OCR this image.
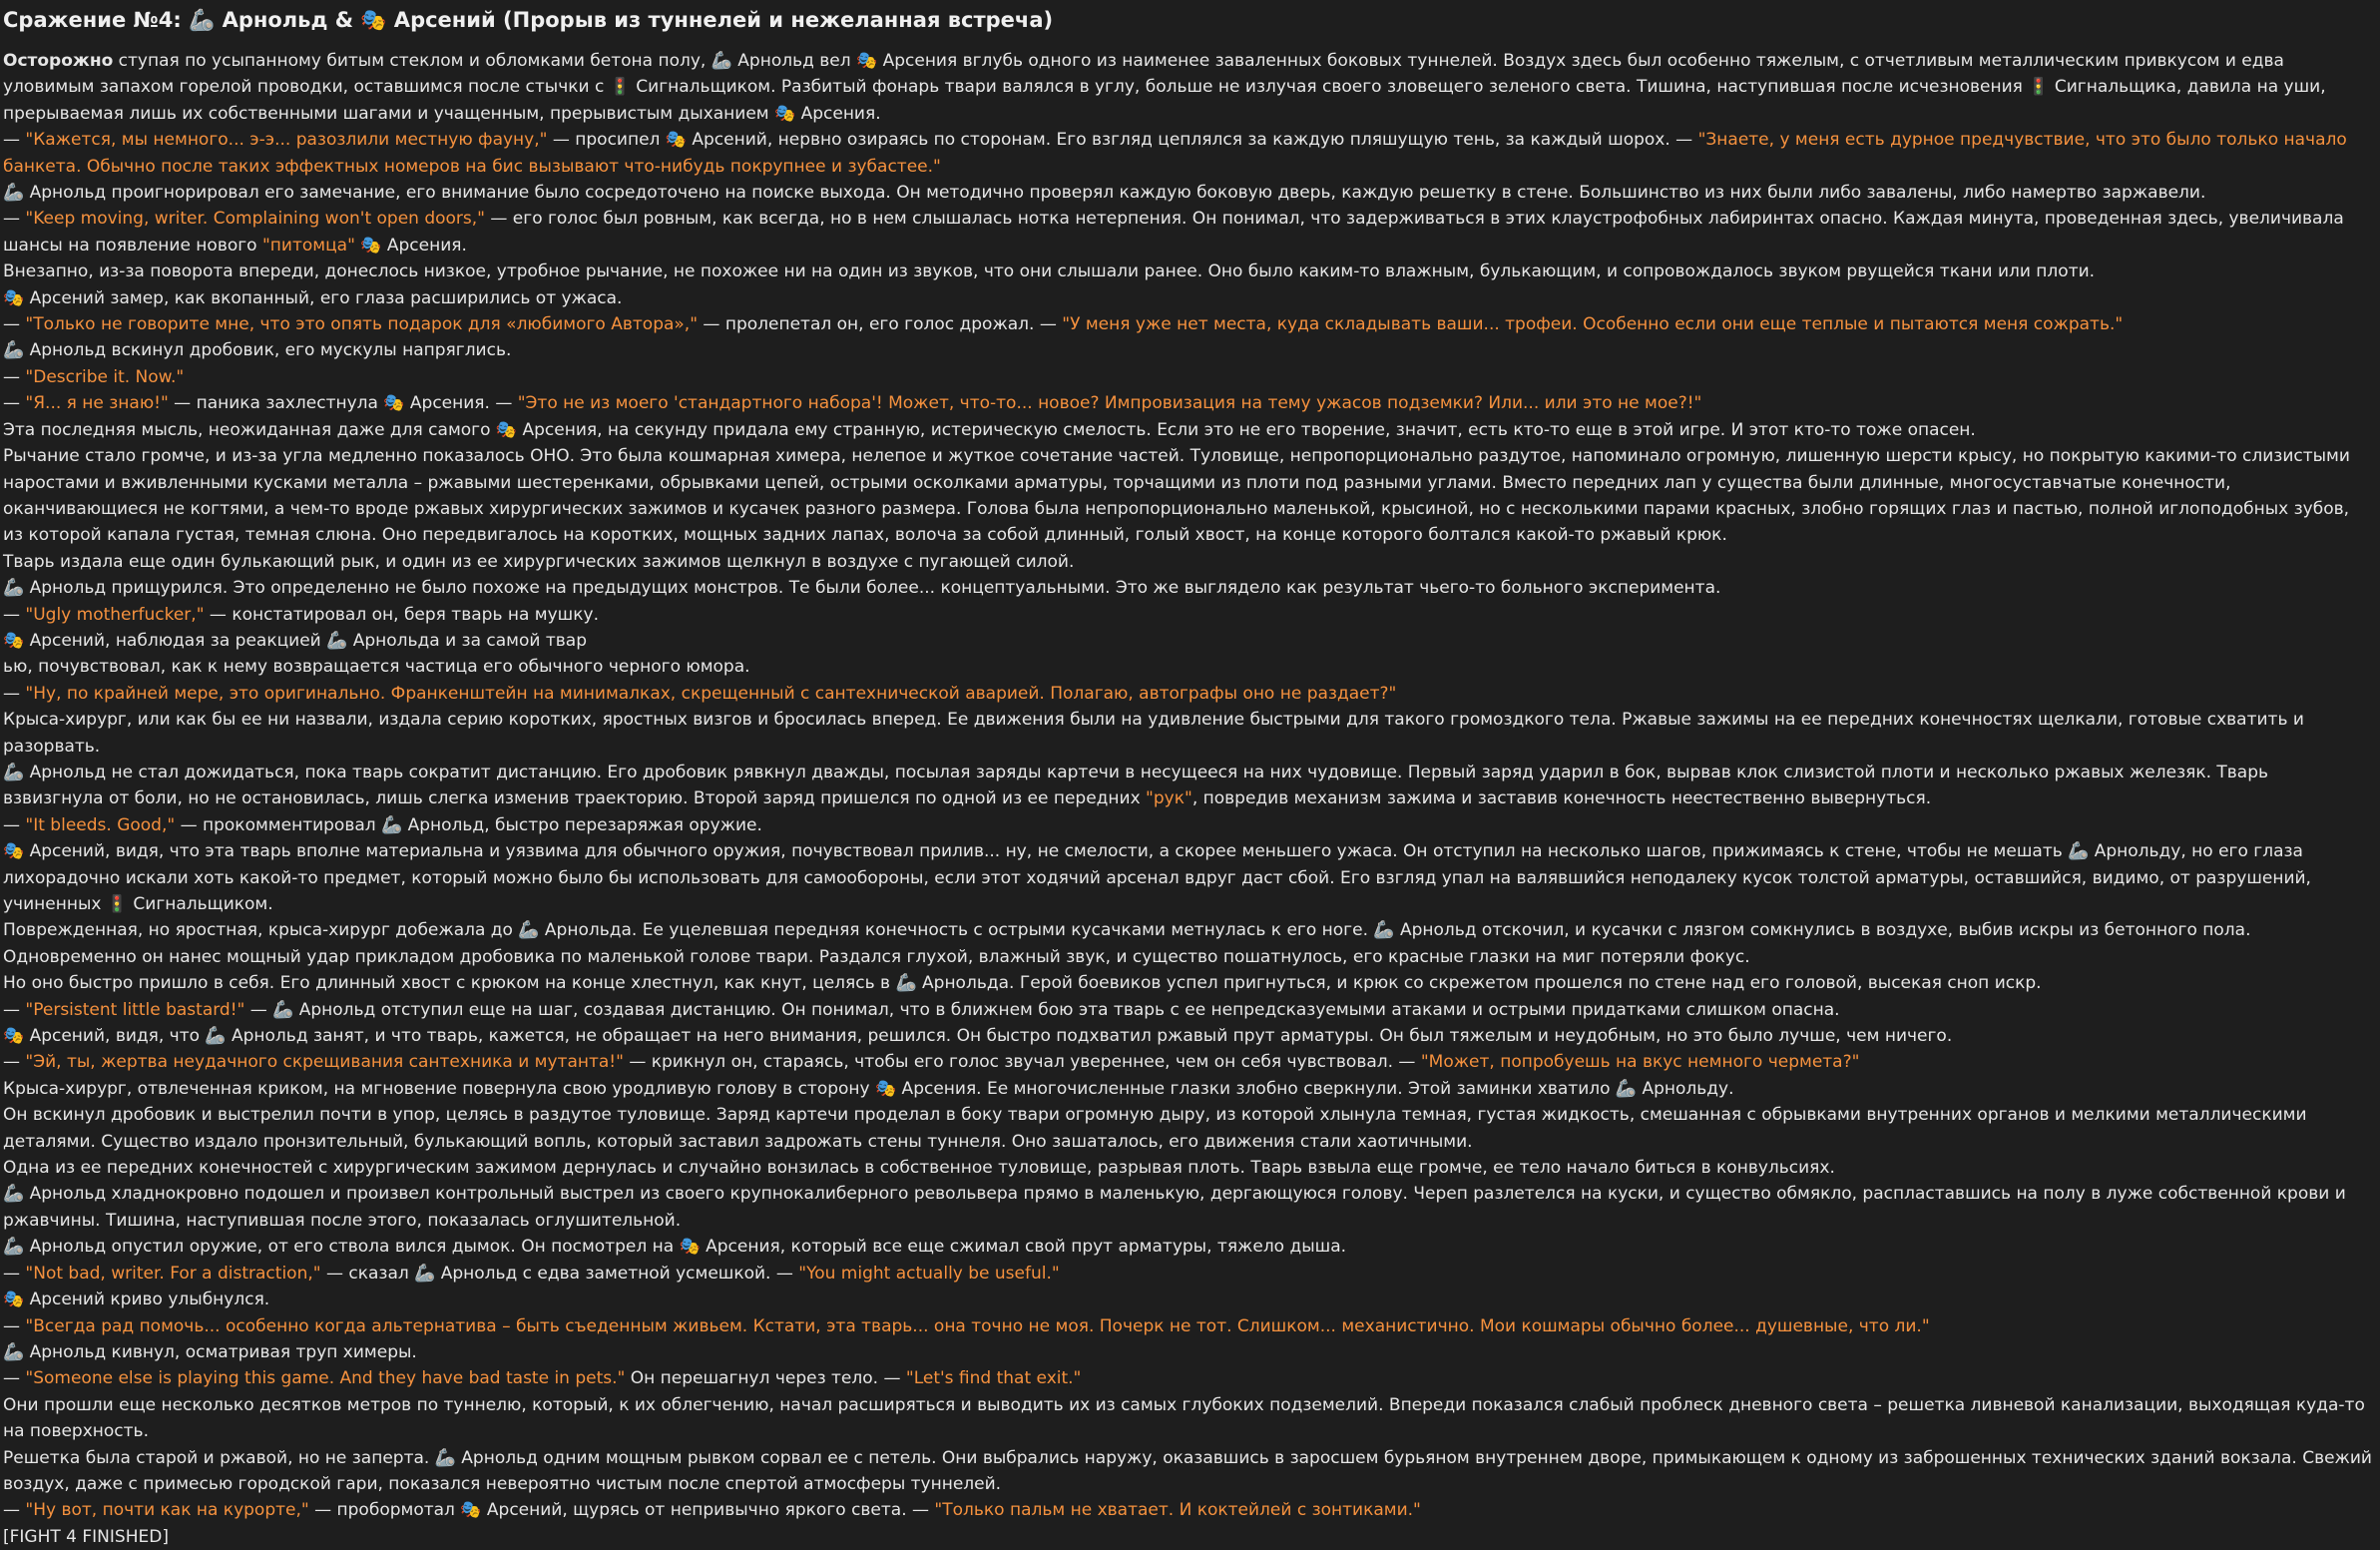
Сражение №4: 🦾 Арнольд & 🎭 Арсений (Прорыв из туннелей и нежеланная встреча)
Осторожно ступая по усыпанному битым стеклом и обломками бетона полу, 🦾 Арнольд вел 🎭 Арсения вглубь одного из наименее заваленных боковых туннелей. Воздух здесь был особенно тяжелым, с отчетливым металлическим привкусом и едва уловимым запахом горелой проводки, оставшимся после стычки с 🚦 Сигнальщиком. Разбитый фонарь твари валялся в углу, больше не излучая своего зловещего зеленого света. Тишина, наступившая после исчезновения 🚦 Сигнальщика, давила на уши, прерываемая лишь их собственными шагами и учащенным, прерывистым дыханием 🎭 Арсения.
— "Кажется, мы немного... э-э... разозлили местную фауну," — просипел 🎭 Арсений, нервно озираясь по сторонам. Его взгляд цеплялся за каждую пляшущую тень, за каждый шорох. — "Знаете, у меня есть дурное предчувствие, что это было только начало банкета. Обычно после таких эффектных номеров на бис вызывают что-нибудь покрупнее и зубастее."
🦾 Арнольд проигнорировал его замечание, его внимание было сосредоточено на поиске выхода. Он методично проверял каждую боковую дверь, каждую решетку в стене. Большинство из них были либо завалены, либо намертво заржавели.
— "Keep moving, writer. Complaining won't open doors," — его голос был ровным, как всегда, но в нем слышалась нотка нетерпения. Он понимал, что задерживаться в этих клаустрофобных лабиринтах опасно. Каждая минута, проведенная здесь, увеличивала шансы на появление нового "питомца" 🎭 Арсения.
Внезапно, из-за поворота впереди, донеслось низкое, утробное рычание, не похожее ни на один из звуков, что они слышали ранее. Оно было каким-то влажным, булькающим, и сопровождалось звуком рвущейся ткани или плоти.
🎭 Арсений замер, как вкопанный, его глаза расширились от ужаса.
— "Только не говорите мне, что это опять подарок для «любимого Автора»," — пролепетал он, его голос дрожал. — "У меня уже нет места, куда складывать ваши... трофеи. Особенно если они еще теплые и пытаются меня сожрать."
🦾 Арнольд вскинул дробовик, его мускулы напряглись.
— "Describe it. Now."
— "Я... я не знаю!" — паника захлестнула 🎭 Арсения. — "Это не из моего 'стандартного набора'! Может, что-то... новое? Импровизация на тему ужасов подземки? Или... или это не мое?!"
Эта последняя мысль, неожиданная даже для самого 🎭 Арсения, на секунду придала ему странную, истерическую смелость. Если это не его творение, значит, есть кто-то еще в этой игре. И этот кто-то тоже опасен.
Рычание стало громче, и из-за угла медленно показалось ОНО. Это была кошмарная химера, нелепое и жуткое сочетание частей. Туловище, непропорционально раздутое, напоминало огромную, лишенную шерсти крысу, но покрытую какими-то слизистыми наростами и вживленными кусками металла – ржавыми шестеренками, обрывками цепей, острыми осколками арматуры, торчащими из плоти под разными углами. Вместо передних лап у существа были длинные, многосуставчатые конечности, оканчивающиеся не когтями, а чем-то вроде ржавых хирургических зажимов и кусачек разного размера. Голова была непропорционально маленькой, крысиной, но с несколькими парами красных, злобно горящих глаз и пастью, полной иглоподобных зубов, из которой капала густая, темная слюна. Оно передвигалось на коротких, мощных задних лапах, волоча за собой длинный, голый хвост, на конце которого болтался какой-то ржавый крюк.
Тварь издала еще один булькающий рык, и один из ее хирургических зажимов щелкнул в воздухе с пугающей силой.
🦾 Арнольд прищурился. Это определенно не было похоже на предыдущих монстров. Те были более... концептуальными. Это же выглядело как результат чьего-то больного эксперимента.
— "Ugly motherfucker," — констатировал он, беря тварь на мушку.
🎭 Арсений, наблюдая за реакцией 🦾 Арнольда и за самой твар
ью, почувствовал, как к нему возвращается частица его обычного черного юмора.
— "Ну, по крайней мере, это оригинально. Франкенштейн на минималках, скрещенный с сантехнической аварией. Полагаю, автографы оно не раздает?"
Крыса-хирург, или как бы ее ни назвали, издала серию коротких, яростных визгов и бросилась вперед. Ее движения были на удивление быстрыми для такого громоздкого тела. Ржавые зажимы на ее передних конечностях щелкали, готовые схватить и разорвать.
🦾 Арнольд не стал дожидаться, пока тварь сократит дистанцию. Его дробовик рявкнул дважды, посылая заряды картечи в несущееся на них чудовище. Первый заряд ударил в бок, вырвав клок слизистой плоти и несколько ржавых железяк. Тварь взвизгнула от боли, но не остановилась, лишь слегка изменив траекторию. Второй заряд пришелся по одной из ее передних "рук", повредив механизм зажима и заставив конечность неестественно вывернуться.
— "It bleeds. Good," — прокомментировал 🦾 Арнольд, быстро перезаряжая оружие.
🎭 Арсений, видя, что эта тварь вполне материальна и уязвима для обычного оружия, почувствовал прилив... ну, не смелости, а скорее меньшего ужаса. Он отступил на несколько шагов, прижимаясь к стене, чтобы не мешать 🦾 Арнольду, но его глаза лихорадочно искали хоть какой-то предмет, который можно было бы использовать для самообороны, если этот ходячий арсенал вдруг даст сбой. Его взгляд упал на валявшийся неподалеку кусок толстой арматуры, оставшийся, видимо, от разрушений, учиненных 🚦 Сигнальщиком.
Поврежденная, но яростная, крыса-хирург добежала до 🦾 Арнольда. Ее уцелевшая передняя конечность с острыми кусачками метнулась к его ноге. 🦾 Арнольд отскочил, и кусачки с лязгом сомкнулись в воздухе, выбив искры из бетонного пола. Одновременно он нанес мощный удар прикладом дробовика по маленькой голове твари. Раздался глухой, влажный звук, и существо пошатнулось, его красные глазки на миг потеряли фокус.
Но оно быстро пришло в себя. Его длинный хвост с крюком на конце хлестнул, как кнут, целясь в 🦾 Арнольда. Герой боевиков успел пригнуться, и крюк со скрежетом прошелся по стене над его головой, высекая сноп искр.
— "Persistent little bastard!" — 🦾 Арнольд отступил еще на шаг, создавая дистанцию. Он понимал, что в ближнем бою эта тварь с ее непредсказуемыми атаками и острыми придатками слишком опасна.
🎭 Арсений, видя, что 🦾 Арнольд занят, и что тварь, кажется, не обращает на него внимания, решился. Он быстро подхватил ржавый прут арматуры. Он был тяжелым и неудобным, но это было лучше, чем ничего.
— "Эй, ты, жертва неудачного скрещивания сантехника и мутанта!" — крикнул он, стараясь, чтобы его голос звучал увереннее, чем он себя чувствовал. — "Может, попробуешь на вкус немного чермета?"
Крыса-хирург, отвлеченная криком, на мгновение повернула свою уродливую голову в сторону 🎭 Арсения. Ее многочисленные глазки злобно сверкнули. Этой заминки хватило 🦾 Арнольду.
Он вскинул дробовик и выстрелил почти в упор, целясь в раздутое туловище. Заряд картечи проделал в боку твари огромную дыру, из которой хлынула темная, густая жидкость, смешанная с обрывками внутренних органов и мелкими металлическими деталями. Существо издало пронзительный, булькающий вопль, который заставил задрожать стены туннеля. Оно зашаталось, его движения стали хаотичными.
Одна из ее передних конечностей с хирургическим зажимом дернулась и случайно вонзилась в собственное туловище, разрывая плоть. Тварь взвыла еще громче, ее тело начало биться в конвульсиях.
🦾 Арнольд хладнокровно подошел и произвел контрольный выстрел из своего крупнокалиберного револьвера прямо в маленькую, дергающуюся голову. Череп разлетелся на куски, и существо обмякло, распластавшись на полу в луже собственной крови и ржавчины. Тишина, наступившая после этого, показалась оглушительной.
🦾 Арнольд опустил оружие, от его ствола вился дымок. Он посмотрел на 🎭 Арсения, который все еще сжимал свой прут арматуры, тяжело дыша.
— "Not bad, writer. For a distraction," — сказал 🦾 Арнольд с едва заметной усмешкой. — "You might actually be useful."
🎭 Арсений криво улыбнулся.
— "Всегда рад помочь... особенно когда альтернатива – быть съеденным живьем. Кстати, эта тварь... она точно не моя. Почерк не тот. Слишком... механистично. Мои кошмары обычно более... душевные, что ли."
🦾 Арнольд кивнул, осматривая труп химеры.
— "Someone else is playing this game. And they have bad taste in pets." Он перешагнул через тело. — "Let's find that exit."
Они прошли еще несколько десятков метров по туннелю, который, к их облегчению, начал расширяться и выводить их из самых глубоких подземелий. Впереди показался слабый проблеск дневного света – решетка ливневой канализации, выходящая куда-то на поверхность.
Решетка была старой и ржавой, но не заперта. 🦾 Арнольд одним мощным рывком сорвал ее с петель. Они выбрались наружу, оказавшись в заросшем бурьяном внутреннем дворе, примыкающем к одному из заброшенных технических зданий вокзала. Свежий воздух, даже с примесью городской гари, показался невероятно чистым после спертой атмосферы туннелей.
— "Ну вот, почти как на курорте," — пробормотал 🎭 Арсений, щурясь от непривычно яркого света. — "Только пальм не хватает. И коктейлей с зонтиками."
[FIGHT 4 FINISHED]
